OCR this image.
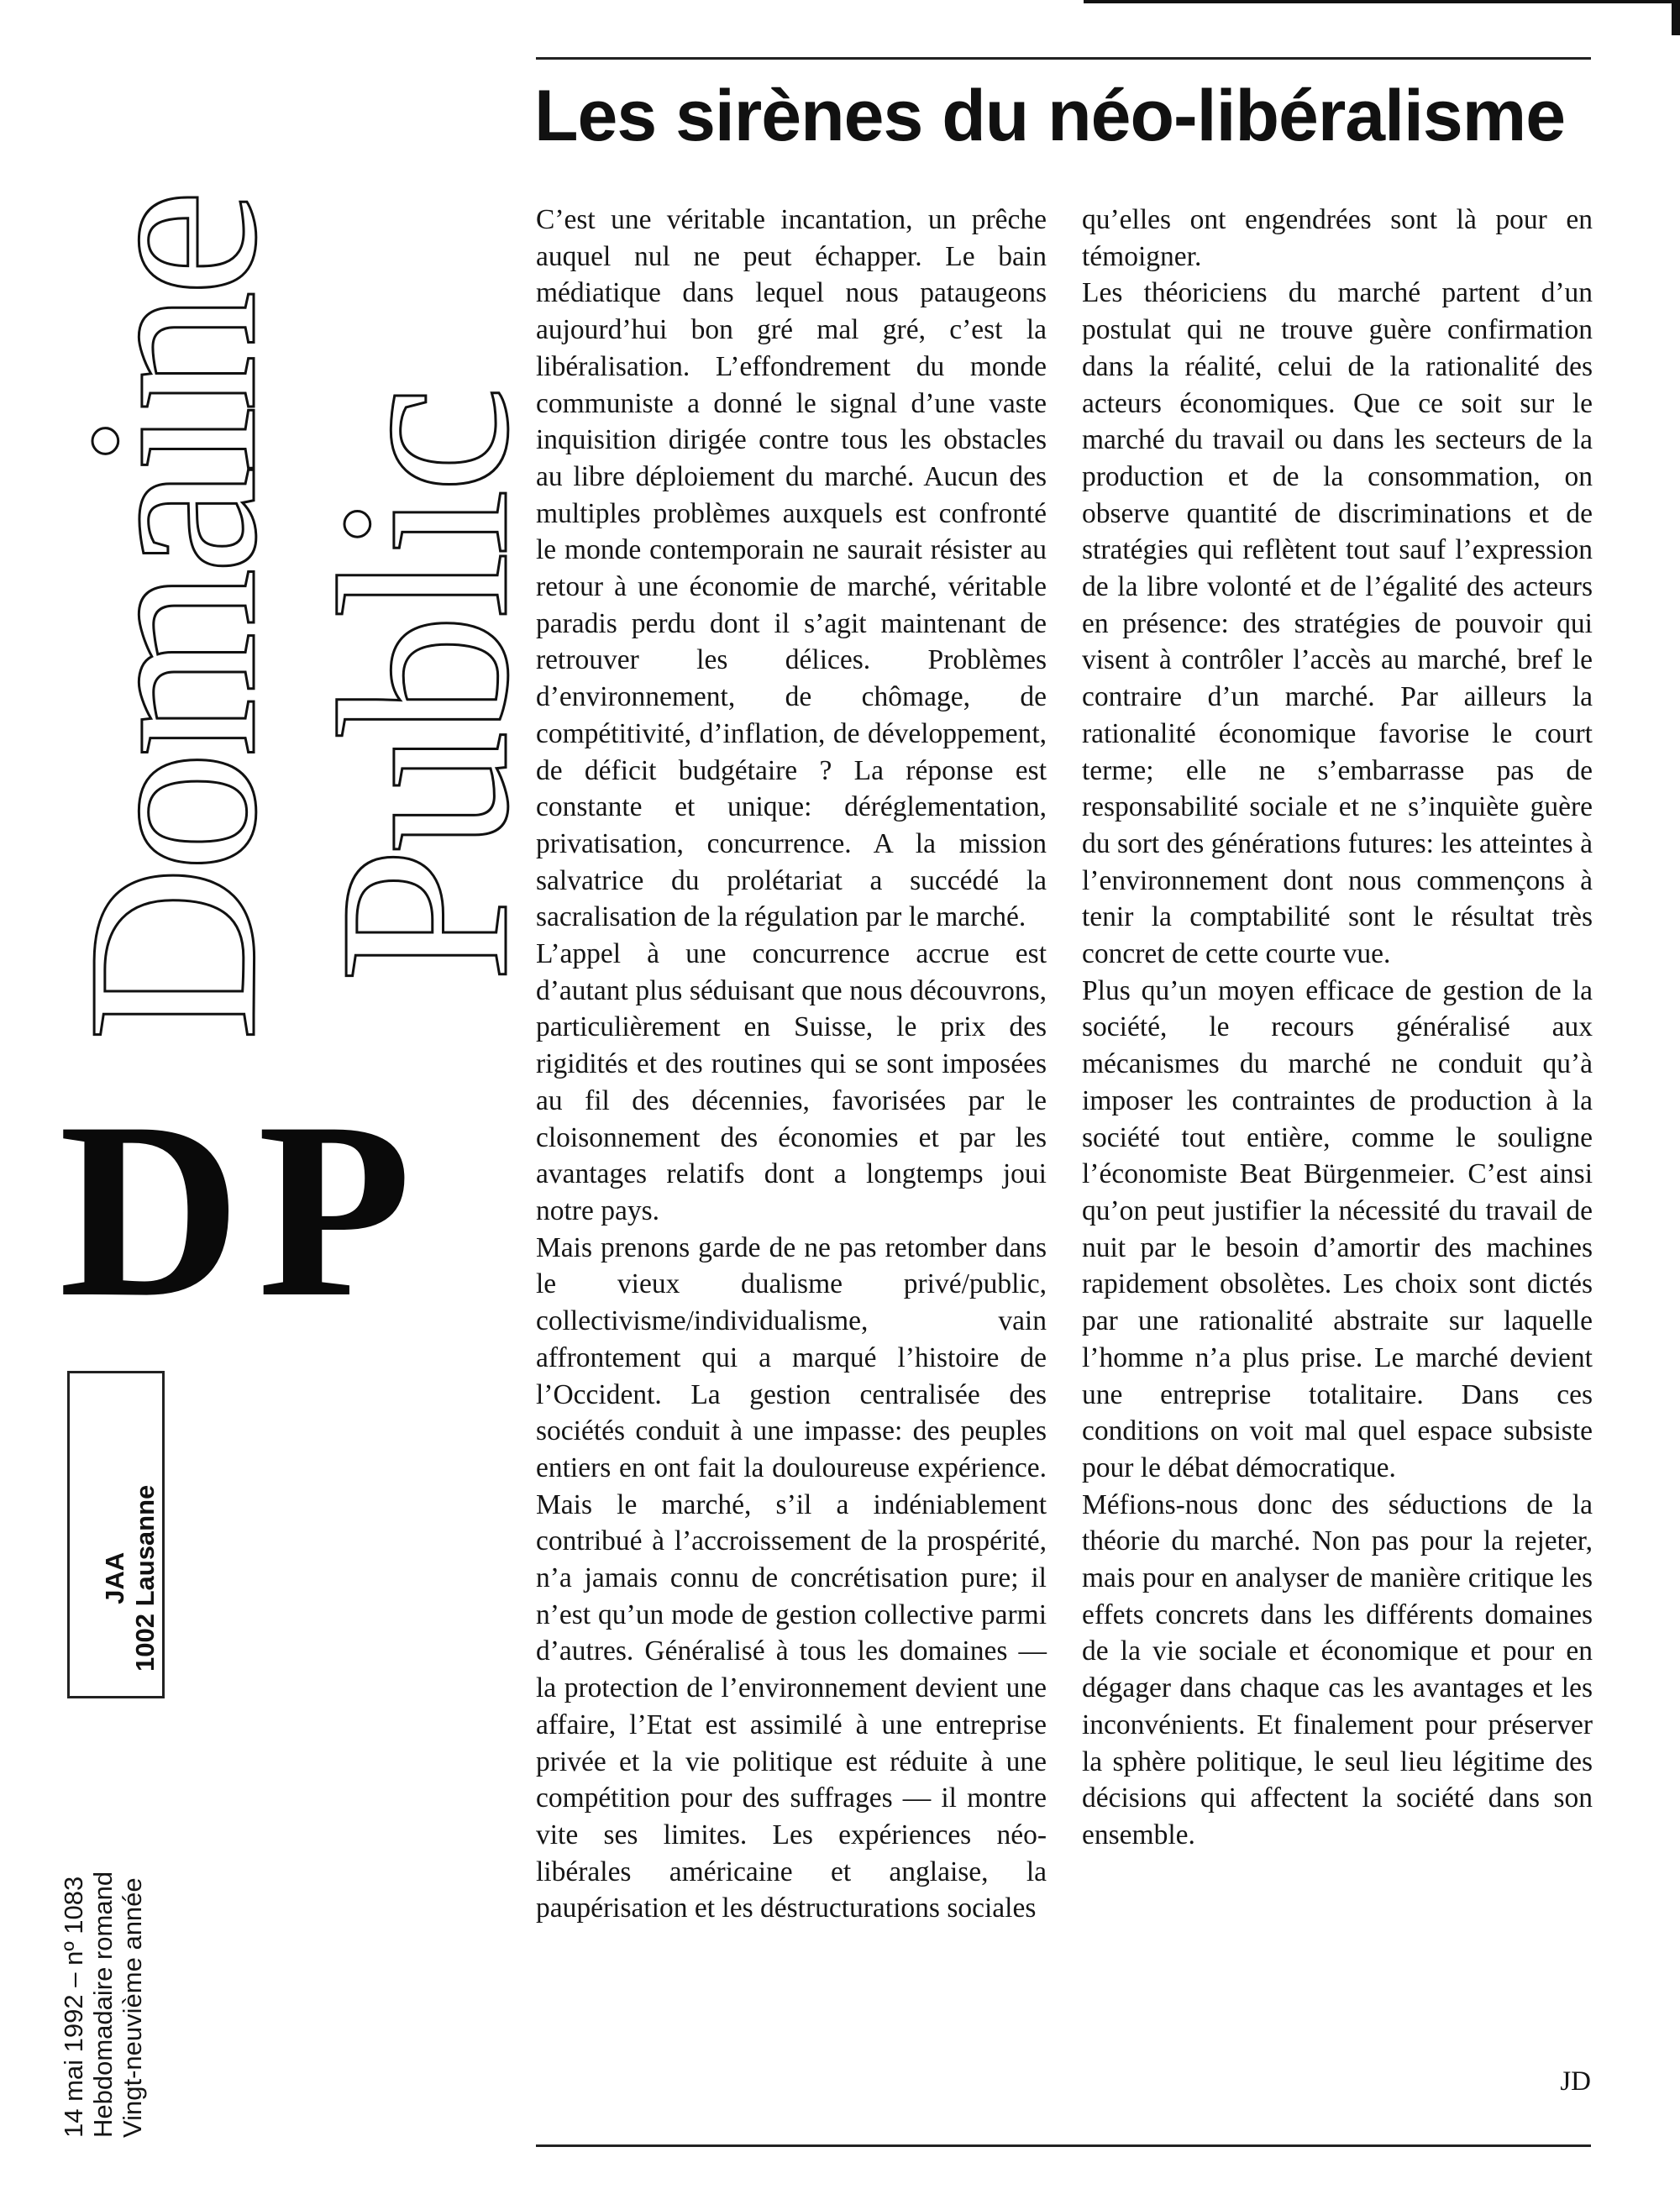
Domaine
Public
DP
JAA 1002 Lausanne
14 mai 1992 – nº 1083 Hebdomadaire romand Vingt-neuvième année
Les sirènes du néo-libéralisme

C’est une véritable incantation, un prêche auquel nul ne peut échapper. Le bain médiatique dans lequel nous pataugeons aujourd’hui bon gré mal gré, c’est la libéralisation. L’effondrement du monde communiste a donné le signal d’une vaste inquisition dirigée contre tous les obstacles au libre déploiement du marché. Aucun des multiples problèmes auxquels est confronté le monde contemporain ne saurait résister au retour à une économie de marché, véritable paradis perdu dont il s’agit maintenant de retrouver les délices. Problèmes d’environnement, de chômage, de compétitivité, d’inflation, de développement, de déficit budgétaire ? La réponse est constante et unique: déréglementation, privatisation, concurrence. A la mission salvatrice du prolétariat a succédé la sacralisation de la régulation par le marché.

L’appel à une concurrence accrue est d’autant plus séduisant que nous découvrons, particulièrement en Suisse, le prix des rigidités et des routines qui se sont imposées au fil des décennies, favorisées par le cloisonnement des économies et par les avantages relatifs dont a longtemps joui notre pays.

Mais prenons garde de ne pas retomber dans le vieux dualisme privé/public, collectivisme/individualisme, vain affrontement qui a marqué l’histoire de l’Occident. La gestion centralisée des sociétés conduit à une impasse: des peuples entiers en ont fait la douloureuse expérience. Mais le marché, s’il a indéniablement contribué à l’accroissement de la prospérité, n’a jamais connu de concrétisation pure; il n’est qu’un mode de gestion collective parmi d’autres. Généralisé à tous les domaines — la protection de l’environnement devient une affaire, l’Etat est assimilé à une entreprise privée et la vie politique est réduite à une compétition pour des suffrages — il montre vite ses limites. Les expériences néo-libérales américaine et anglaise, la paupérisation et les déstructurations sociales

qu’elles ont engendrées sont là pour en témoigner.

Les théoriciens du marché partent d’un postulat qui ne trouve guère confirmation dans la réalité, celui de la rationalité des acteurs économiques. Que ce soit sur le marché du travail ou dans les secteurs de la production et de la consommation, on observe quantité de discriminations et de stratégies qui reflètent tout sauf l’expression de la libre volonté et de l’égalité des acteurs en présence: des stratégies de pouvoir qui visent à contrôler l’accès au marché, bref le contraire d’un marché. Par ailleurs la rationalité économique favorise le court terme; elle ne s’embarrasse pas de responsabilité sociale et ne s’inquiète guère du sort des générations futures: les atteintes à l’environnement dont nous commençons à tenir la comptabilité sont le résultat très concret de cette courte vue.

Plus qu’un moyen efficace de gestion de la société, le recours généralisé aux mécanismes du marché ne conduit qu’à imposer les contraintes de production à la société tout entière, comme le souligne l’économiste Beat Bürgenmeier. C’est ainsi qu’on peut justifier la nécessité du travail de nuit par le besoin d’amortir des machines rapidement obsolètes. Les choix sont dictés par une rationalité abstraite sur laquelle l’homme n’a plus prise. Le marché devient une entreprise totalitaire. Dans ces conditions on voit mal quel espace subsiste pour le débat démocratique.

Méfions-nous donc des séductions de la théorie du marché. Non pas pour la rejeter, mais pour en analyser de manière critique les effets concrets dans les différents domaines de la vie sociale et économique et pour en dégager dans chaque cas les avantages et les inconvénients. Et finalement pour préserver la sphère politique, le seul lieu légitime des décisions qui affectent la société dans son ensemble.

JD
